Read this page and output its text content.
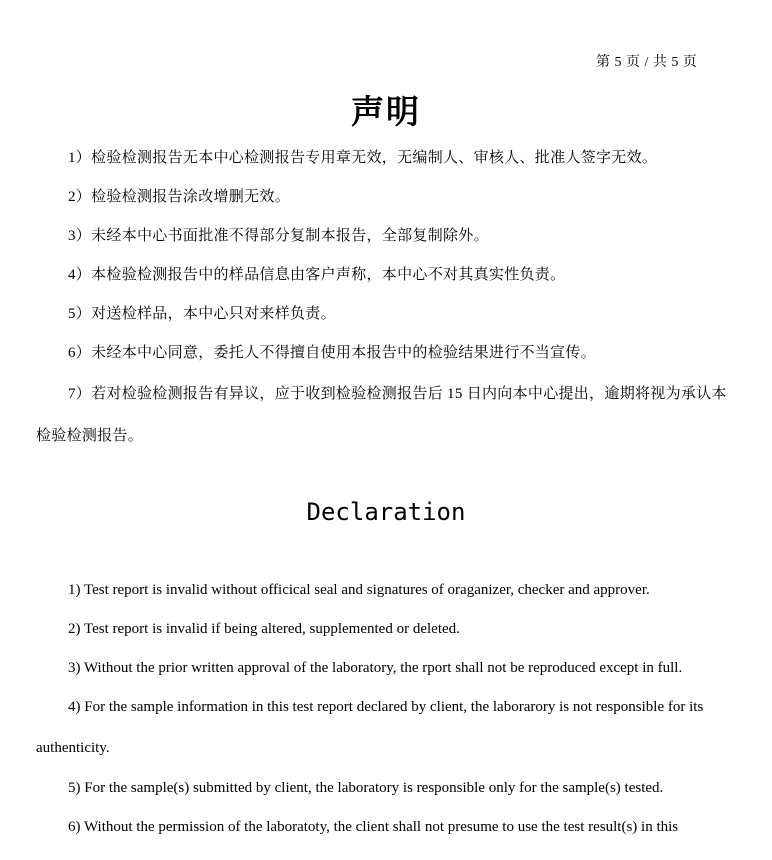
第 5 页 / 共 5 页
声明
1）检验检测报告无本中心检测报告专用章无效，无编制人、审核人、批准人签字无效。
2）检验检测报告涂改增删无效。
3）未经本中心书面批准不得部分复制本报告，全部复制除外。
4）本检验检测报告中的样品信息由客户声称，本中心不对其真实性负责。
5）对送检样品，本中心只对来样负责。
6）未经本中心同意，委托人不得擅自使用本报告中的检验结果进行不当宣传。
7）若对检验检测报告有异议，应于收到检验检测报告后 15 日内向本中心提出，逾期将视为承认本检验检测报告。
Declaration
1) Test report is invalid without officical seal and signatures of oraganizer, checker and approver.
2) Test report is invalid if being altered, supplemented or deleted.
3) Without the prior written approval of the laboratory, the rport shall not be reproduced except in full.
4) For the sample information in this test report declared by client, the laborarory is not responsible for its authenticity.
5) For the sample(s) submitted by client, the laboratory is responsible only for the sample(s) tested.
6) Without the permission of the laboratoty, the client shall not presume to use the test result(s) in this
